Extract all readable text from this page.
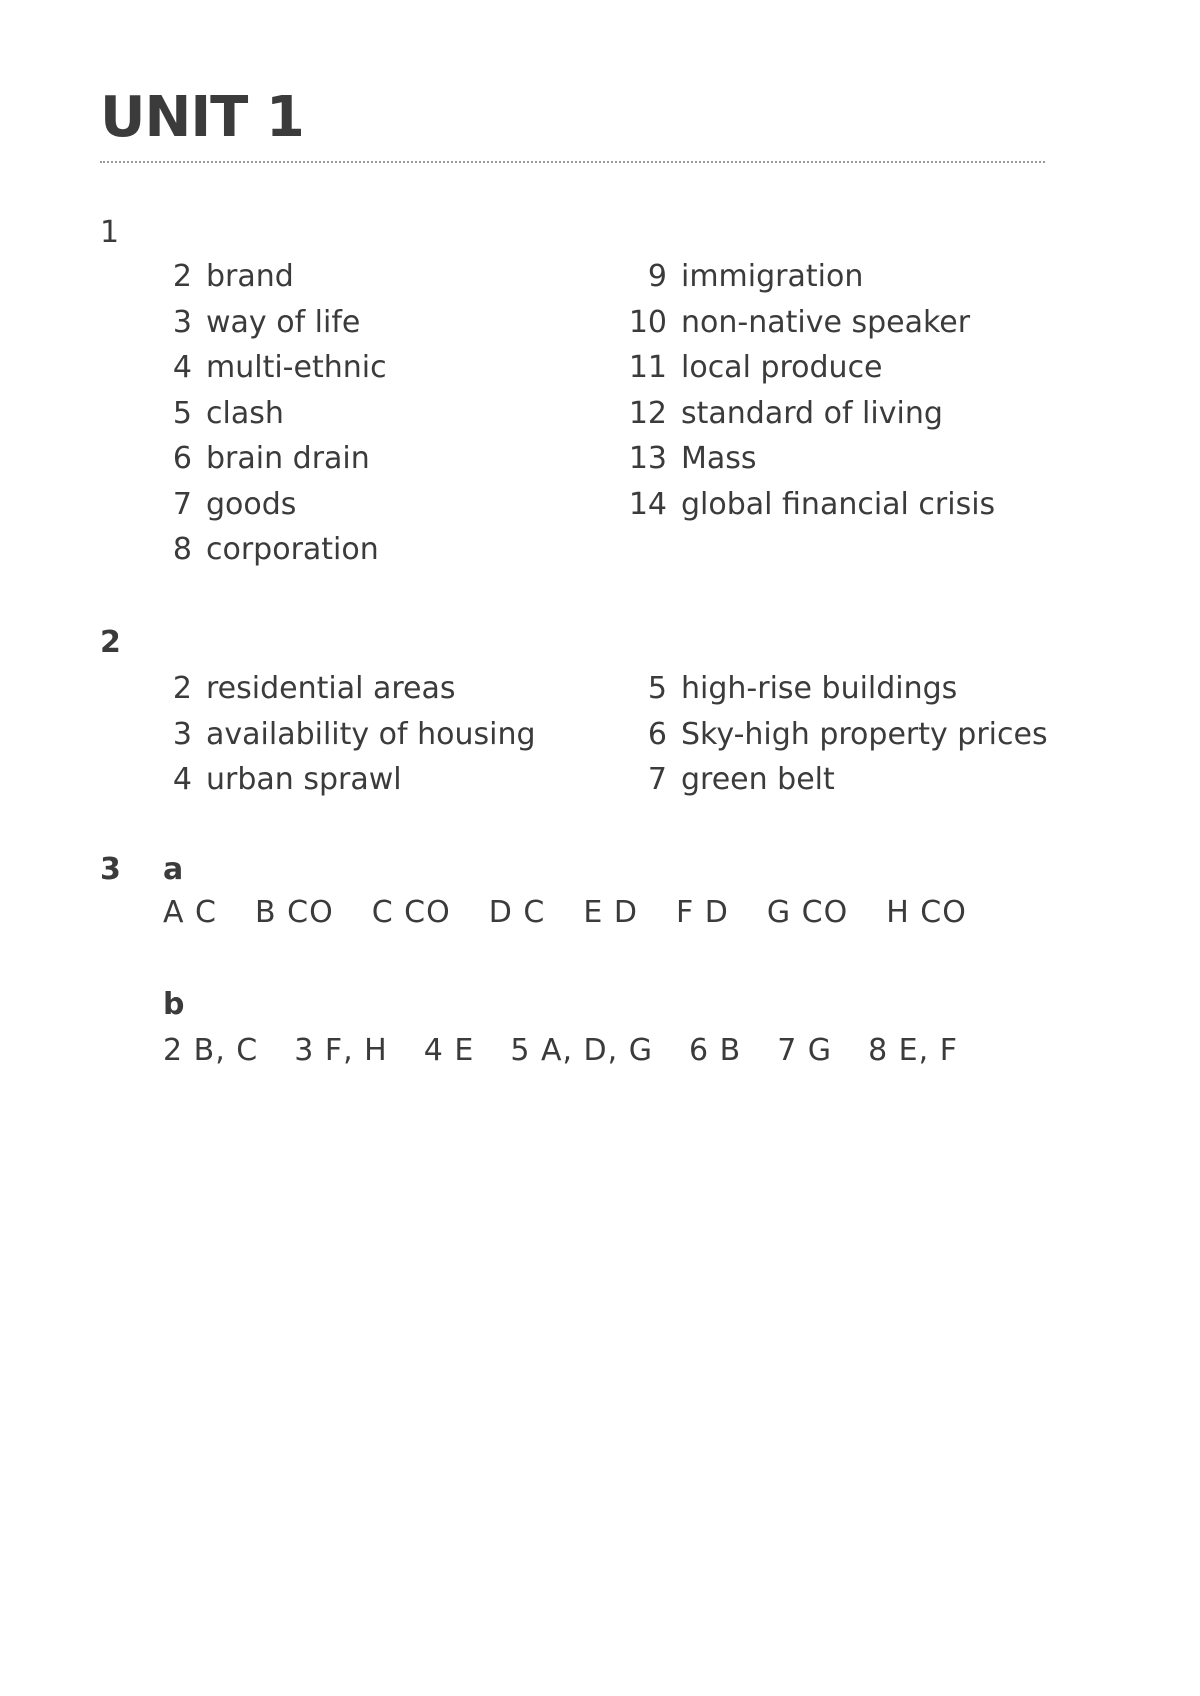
UNIT 1
1
2 brand
3 way of life
4 multi-ethnic
5 clash
6 brain drain
7 goods
8 corporation
9 immigration
10 non-native speaker
11 local produce
12 standard of living
13 Mass
14 global financial crisis
2
2 residential areas
3 availability of housing
4 urban sprawl
5 high-rise buildings
6 Sky-high property prices
7 green belt
3 a
A C B CO C CO D C E D F D G CO H CO
b
2 B, C 3 F, H 4 E 5 A, D, G 6 B 7 G 8 E, F
